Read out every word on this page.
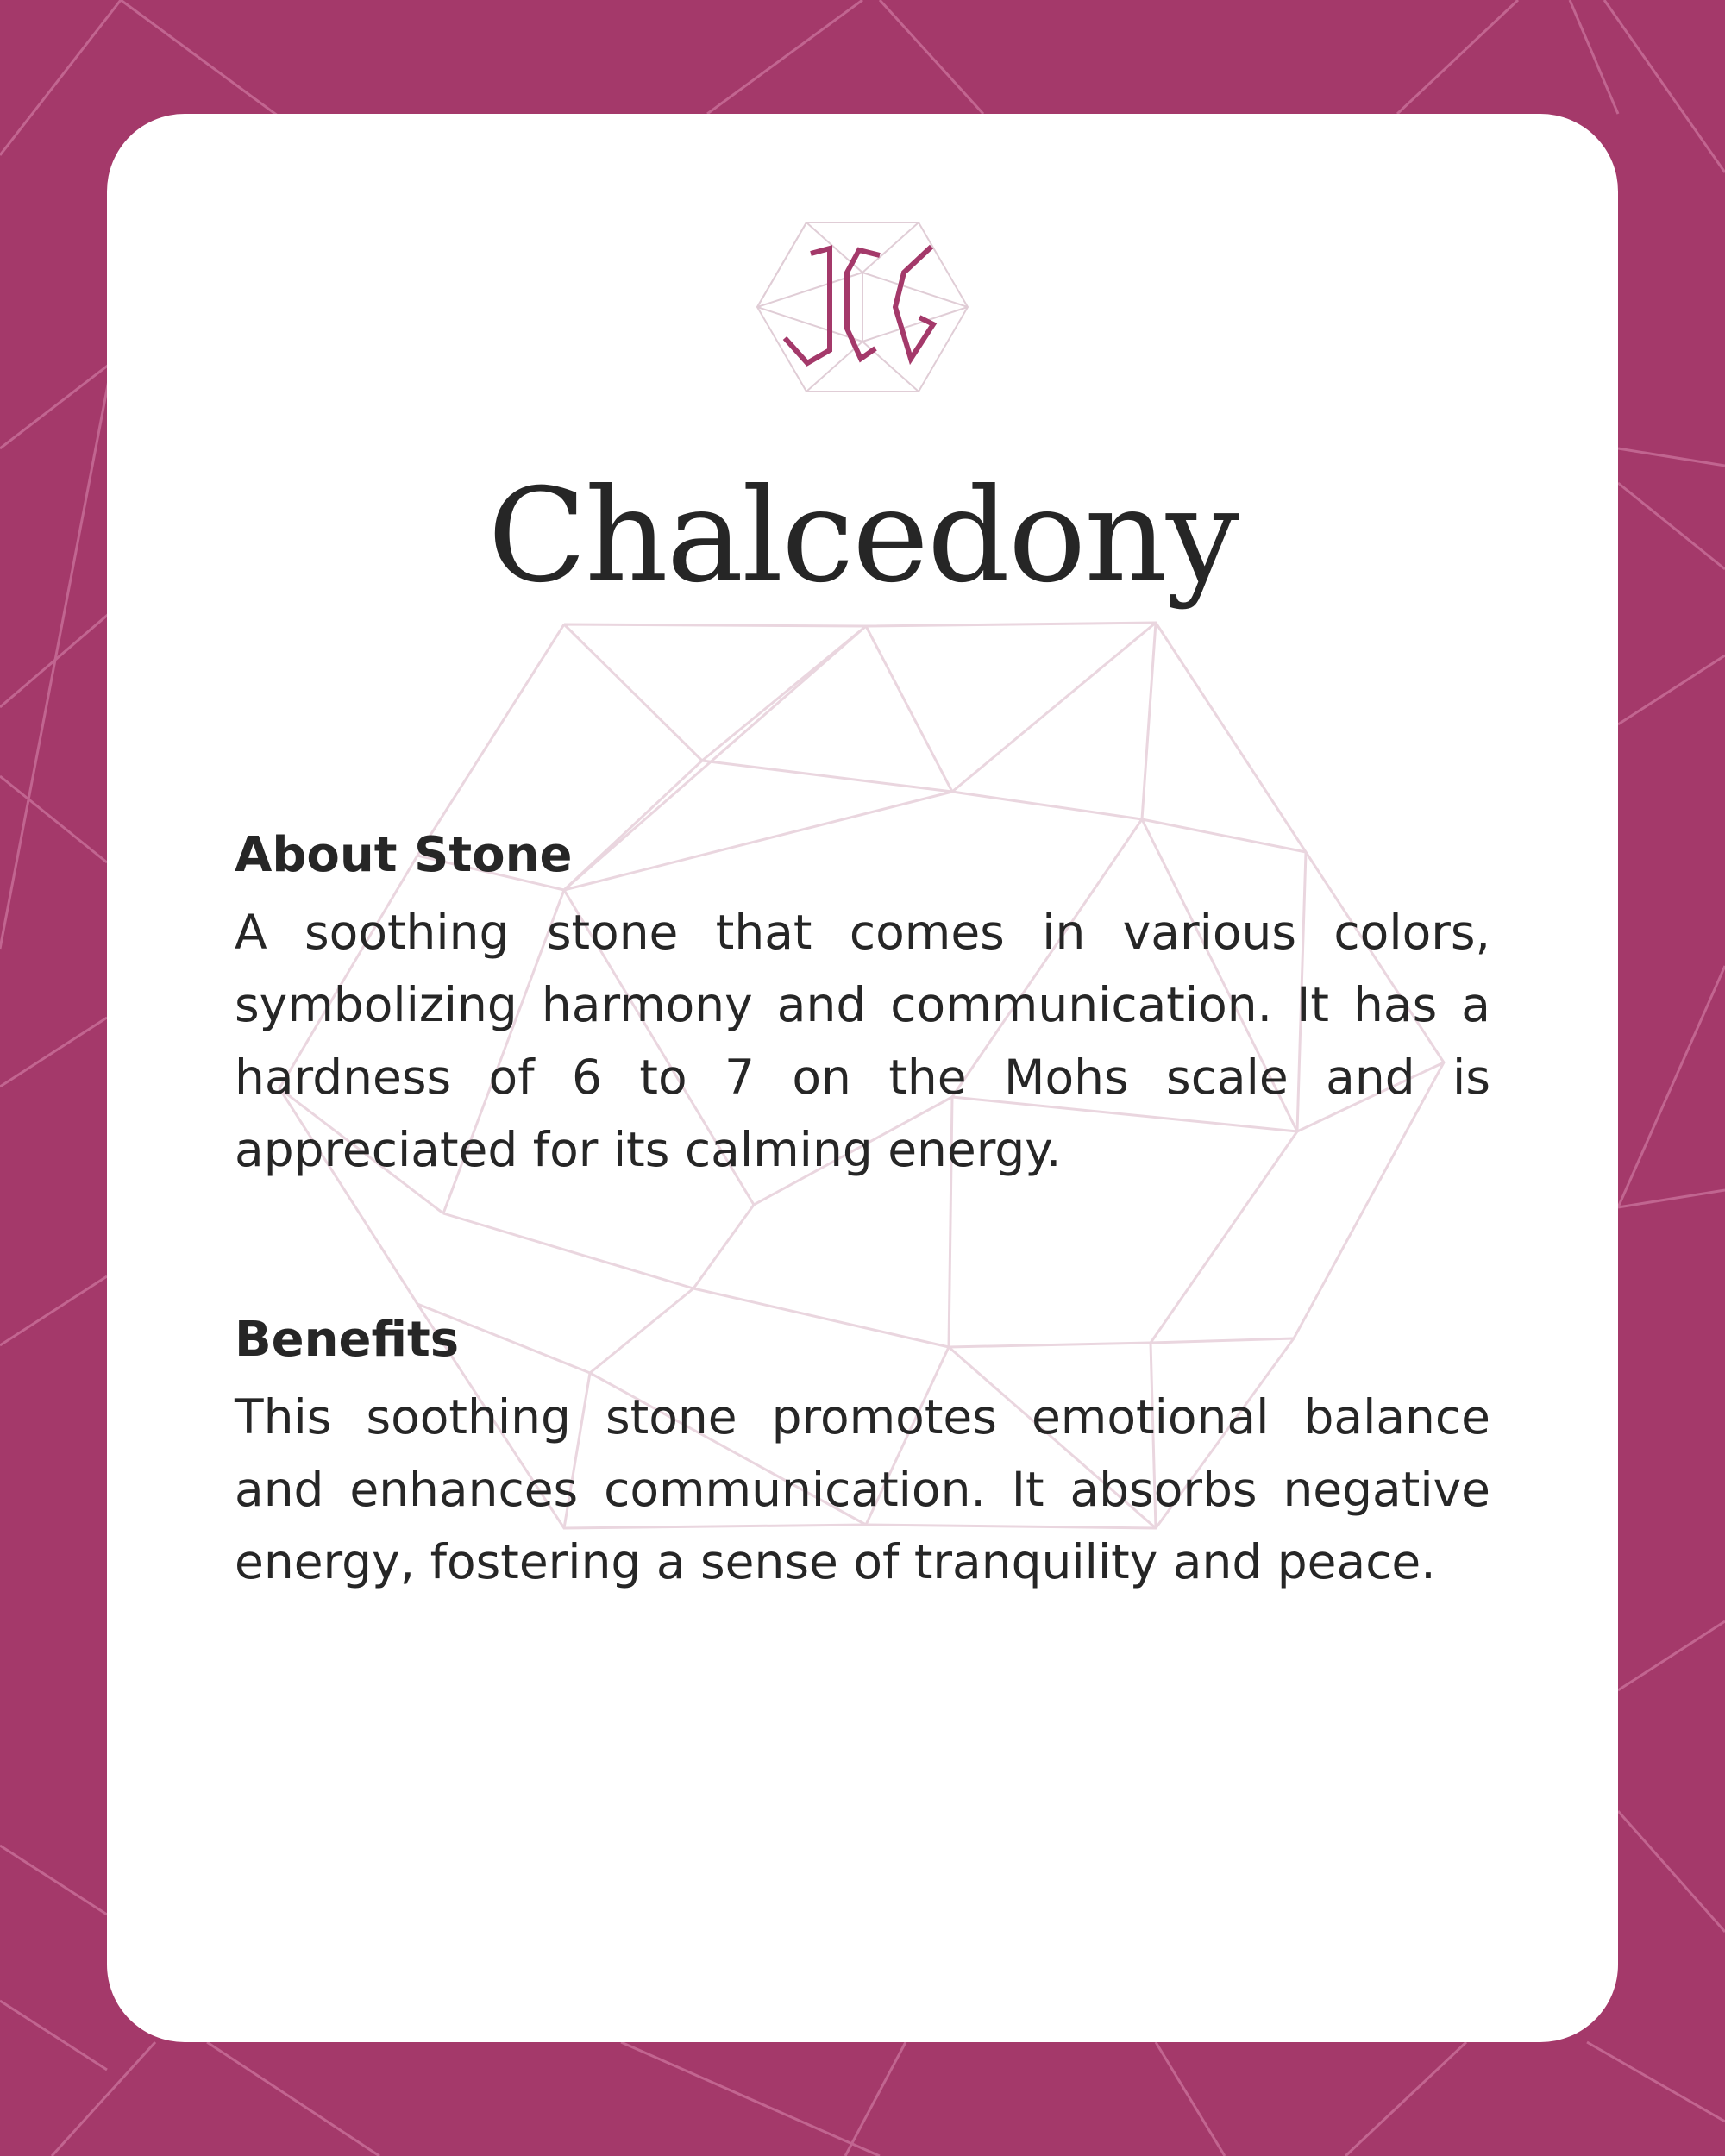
Chalcedony
About Stone

A soothing stone that comes in various colors, symbolizing harmony and communication. It has a hardness of 6 to 7 on the Mohs scale and is appreciated for its calming energy.

Benefits

This soothing stone promotes emotional balance and enhances communication. It absorbs negative energy, fostering a sense of tranquility and peace.
